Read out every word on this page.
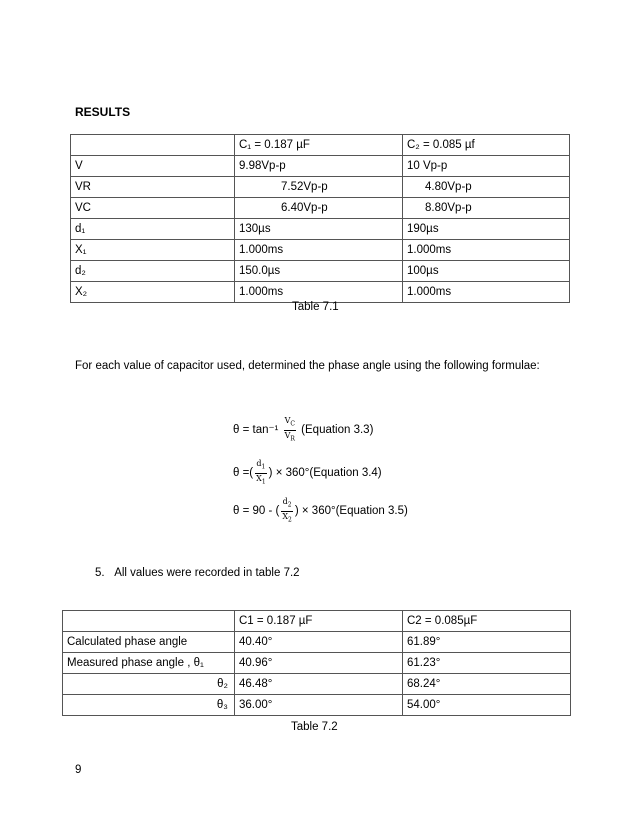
RESULTS
	C₁ = 0.187 µF	C₂ = 0.085 µf
V	9.98Vp-p	10 Vp-p
VR	7.52Vp-p	4.80Vp-p
VC	6.40Vp-p	8.80Vp-p
d₁	130µs	190µs
X₁	1.000ms	1.000ms
d₂	150.0µs	100µs
X₂	1.000ms	1.000ms
Table 7.1
For each value of capacitor used, determined the phase angle using the following formulae:
$\theta = \tan^{-1} \frac{V_C}{V_R}$ (Equation 3.3)
θ =( $\frac{d_1}{X_1}$ ) × 360°(Equation 3.4)
θ = 90 - ( $\frac{d_2}{X_2}$ ) × 360°(Equation 3.5)
5. All values were recorded in table 7.2
	C1 = 0.187 µF	C2 = 0.085µF
Calculated phase angle	40.40°	61.89°
Measured phase angle , θ₁	40.96°	61.23°
θ₂	46.48°	68.24°
θ₃	36.00°	54.00°
Table 7.2
9
